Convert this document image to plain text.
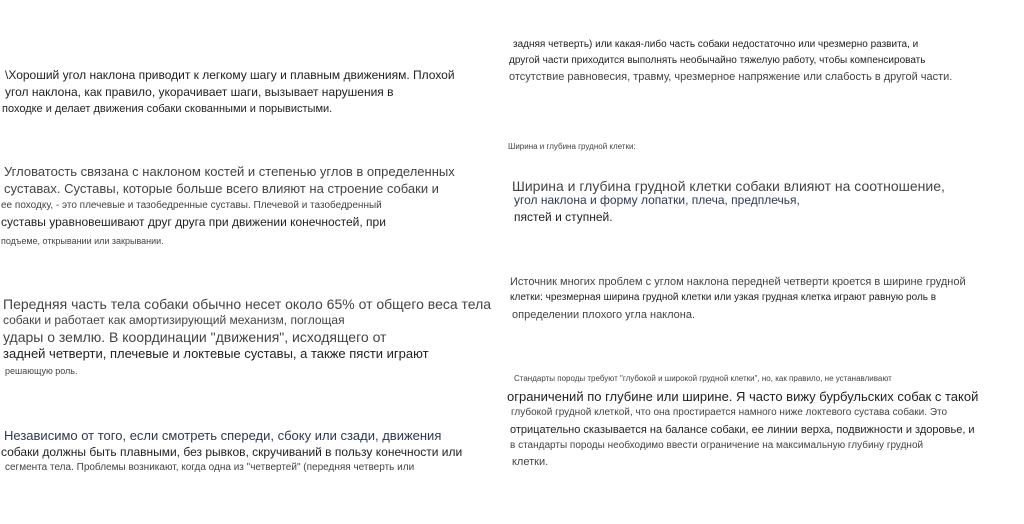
\Хороший угол наклона приводит к легкому шагу и плавным движениям. Плохой
угол наклона, как правило, укорачивает шаги, вызывает нарушения в
походке и делает движения собаки скованными и порывистыми.
Угловатость связана с наклоном костей и степенью углов в определенных
суставах. Суставы, которые больше всего влияют на строение собаки и
ее походку, - это плечевые и тазобедренные суставы. Плечевой и тазобедренный
суставы уравновешивают друг друга при движении конечностей, при
подъеме, открывании или закрывании.
Передняя часть тела собаки обычно несет около 65% от общего веса тела
собаки и работает как амортизирующий механизм, поглощая
удары о землю. В координации "движения", исходящего от
задней четверти, плечевые и локтевые суставы, а также пясти играют
решающую роль.
Независимо от того, если смотреть спереди, сбоку или сзади, движения
собаки должны быть плавными, без рывков, скручиваний в пользу конечности или
сегмента тела. Проблемы возникают, когда одна из "четвертей" (передняя четверть или
задняя четверть) или какая-либо часть собаки недостаточно или чрезмерно развита, и
другой части приходится выполнять необычайно тяжелую работу, чтобы компенсировать
отсутствие равновесия, травму, чрезмерное напряжение или слабость в другой части.
Ширина и глубина грудной клетки:
Ширина и глубина грудной клетки собаки влияют на соотношение,
угол наклона и форму лопатки, плеча, предплечья,
пястей и ступней.
Источник многих проблем с углом наклона передней четверти кроется в ширине грудной
клетки: чрезмерная ширина грудной клетки или узкая грудная клетка играют равную роль в
определении плохого угла наклона.
Стандарты породы требуют "глубокой и широкой грудной клетки", но, как правило, не устанавливают
ограничений по глубине или ширине. Я часто вижу бурбульских собак с такой
глубокой грудной клеткой, что она простирается намного ниже локтевого сустава собаки. Это
отрицательно сказывается на балансе собаки, ее линии верха, подвижности и здоровье, и
в стандарты породы необходимо ввести ограничение на максимальную глубину грудной
клетки.
